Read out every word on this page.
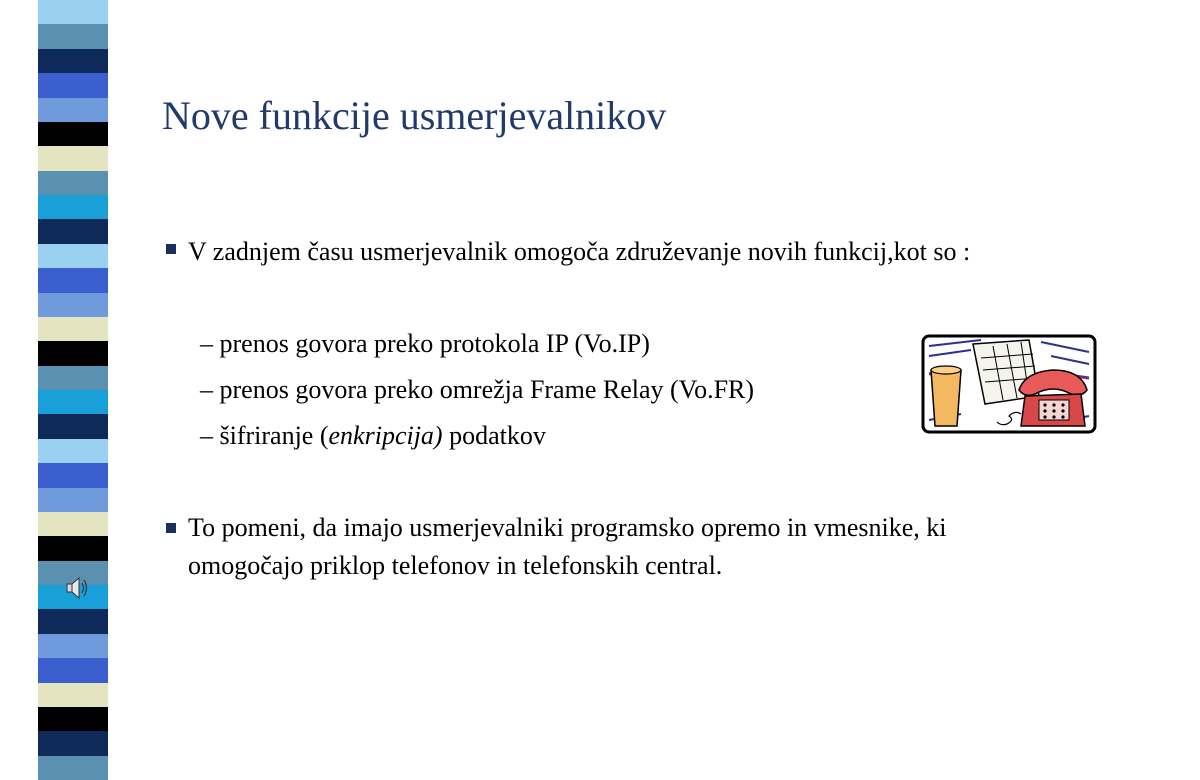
Nove funkcije usmerjevalnikov
V zadnjem času usmerjevalnik omogoča združevanje novih funkcij,kot so :
– prenos govora preko protokola IP (Vo.IP)
– prenos govora preko omrežja Frame Relay (Vo.FR)
– šifriranje (enkripcija) podatkov
To pomeni, da imajo usmerjevalniki programsko opremo in vmesnike, ki
omogočajo priklop telefonov in telefonskih central.
